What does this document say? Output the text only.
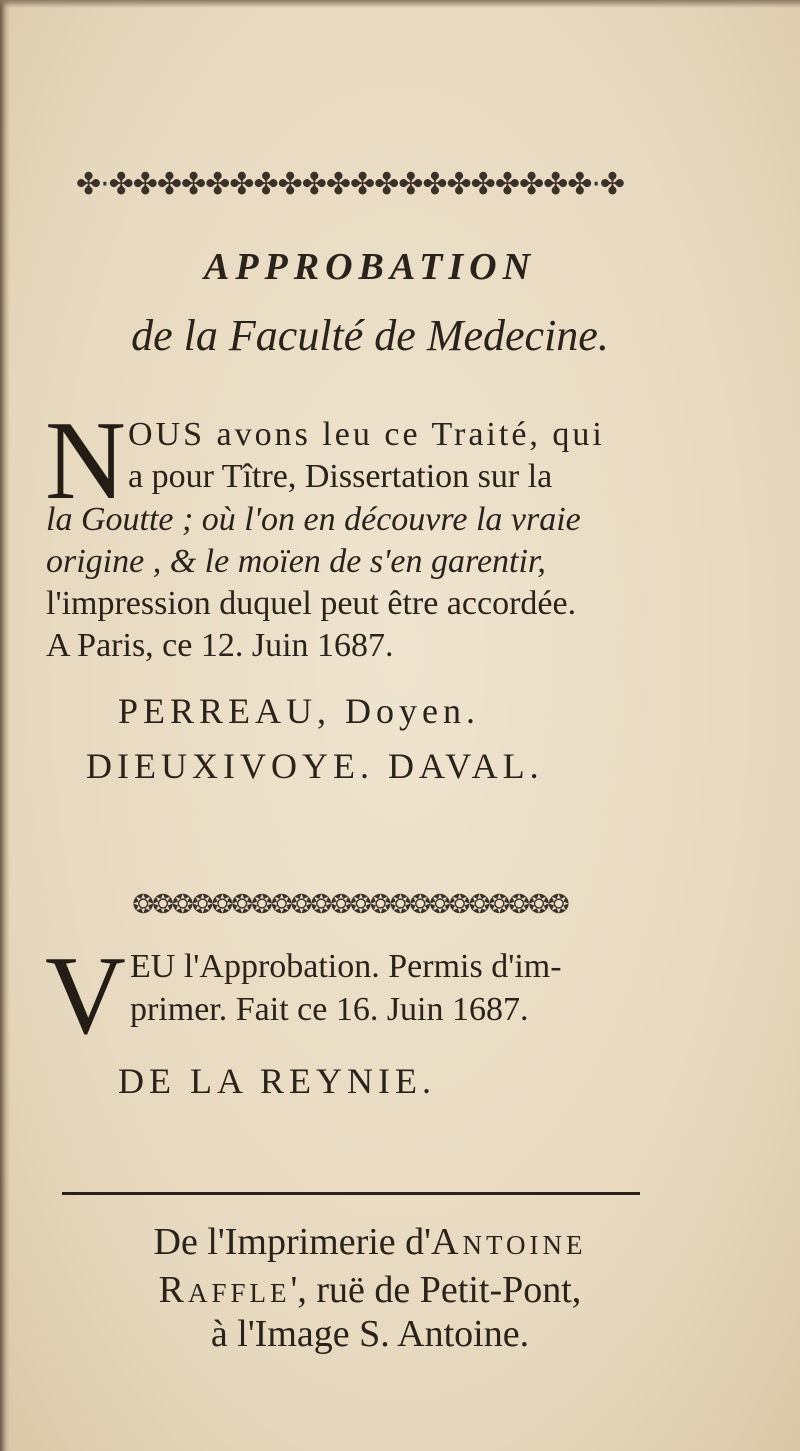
✤·✤✤✤✤✤✤✤✤✤✤✤✤✤✤✤✤✤✤✤✤·✤
APPROBATION
de la Faculté de Medecine.
N OUS avons leu ce Traité, qui
a pour Tître, Dissertation sur la
la Goutte ; où l'on en découvre la vraie
origine , & le moïen de s'en garentir,
l'impression duquel peut être accordée.
A Paris, ce 12. Juin 1687.
PERREAU, Doyen.
DIEUXIVOYE. DAVAL.
❂❂❂❂❂❂❂❂❂❂❂❂❂❂❂❂❂❂❂❂❂❂
V EU l'Approbation. Permis d'im-
primer. Fait ce 16. Juin 1687.
DE LA REYNIE.
De l'Imprimerie d'Antoine
Raffle', ruë de Petit-Pont,
à l'Image S. Antoine.
